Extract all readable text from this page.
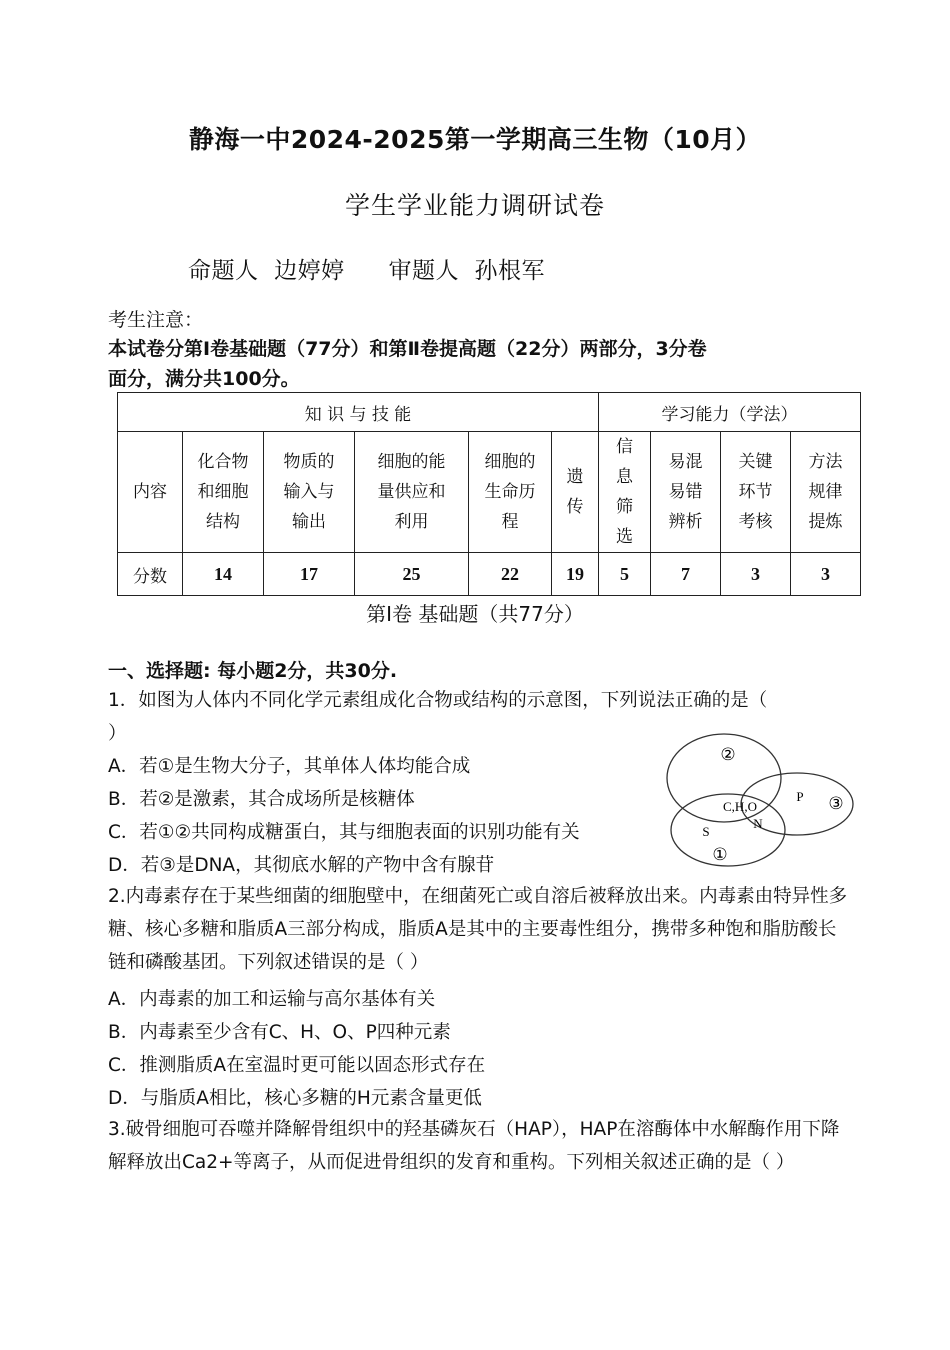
静海一中2024-2025第一学期高三生物（10月）
学生学业能力调研试卷
命题人  边婷婷 审题人  孙根军
考生注意：
本试卷分第Ⅰ卷基础题（77分）和第Ⅱ卷提高题（22分）两部分，3分卷
面分，满分共100分。
知 识 与 技 能						学习能力（学法）			
内容	化合物和细胞结构	物质的输入与输出	细胞的能量供应和利用	细胞的生命历程	遗传	信息筛选	易混易错辨析	关键环节考核	方法规律提炼

分数	14	17	25	22	19	5	7	3	3
第Ⅰ卷 基础题（共77分）
一、选择题: 每小题2分，共30分.
1．如图为人体内不同化学元素组成化合物或结构的示意图，下列说法正确的是（
）
A．若①是生物大分子，其单体人体均能合成
B．若②是激素，其合成场所是核糖体
C．若①②共同构成糖蛋白，其与细胞表面的识别功能有关
D．若③是DNA，其彻底水解的产物中含有腺苷
②
③
①
C,H,O
N
P
S
2.内毒素存在于某些细菌的细胞壁中，在细菌死亡或自溶后被释放出来。内毒素由特异性多糖、核心多糖和脂质A三部分构成，脂质A是其中的主要毒性组分，携带多种饱和脂肪酸长链和磷酸基团。下列叙述错误的是（ ）
A．内毒素的加工和运输与高尔基体有关
B．内毒素至少含有C、H、O、P四种元素
C．推测脂质A在室温时更可能以固态形式存在
D．与脂质A相比，核心多糖的H元素含量更低
3.破骨细胞可吞噬并降解骨组织中的羟基磷灰石（HAP），HAP在溶酶体中水解酶作用下降解释放出Ca2+等离子，从而促进骨组织的发育和重构。下列相关叙述正确的是（ ）
